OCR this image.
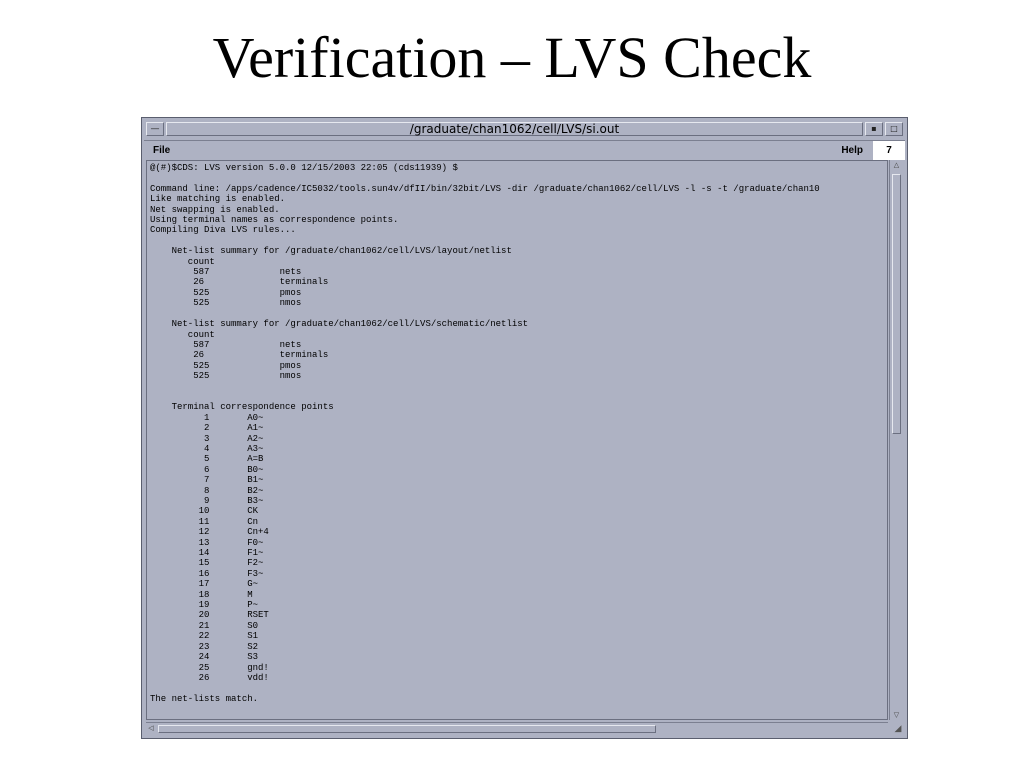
Verification – LVS Check
—	/graduate/chan1062/cell/LVS/si.out	▪	□
File	Help	7
@(#)$CDS: LVS version 5.0.0 12/15/2003 22:05 (cds11939) $

Command line: /apps/cadence/IC5032/tools.sun4v/dfII/bin/32bit/LVS -dir /graduate/chan1062/cell/LVS -l -s -t /graduate/chan10
Like matching is enabled.
Net swapping is enabled.
Using terminal names as correspondence points.
Compiling Diva LVS rules...

Net-list summary for /graduate/chan1062/cell/LVS/layout/netlist
count
587             nets
26              terminals
525             pmos
525             nmos

Net-list summary for /graduate/chan1062/cell/LVS/schematic/netlist
count
587             nets
26              terminals
525             pmos
525             nmos

Terminal correspondence points
1       A0~
2       A1~
3       A2~
4       A3~
5       A=B
6       B0~
7       B1~
8       B2~
9       B3~
10       CK
11       Cn
12       Cn+4
13       F0~
14       F1~
15       F2~
16       F3~
17       G~
18       M
19       P~
20       RSET
21       S0
22       S1
23       S2
24       S3
25       gnd!
26       vdd!

The net-lists match.
△
▽
◁	◢
